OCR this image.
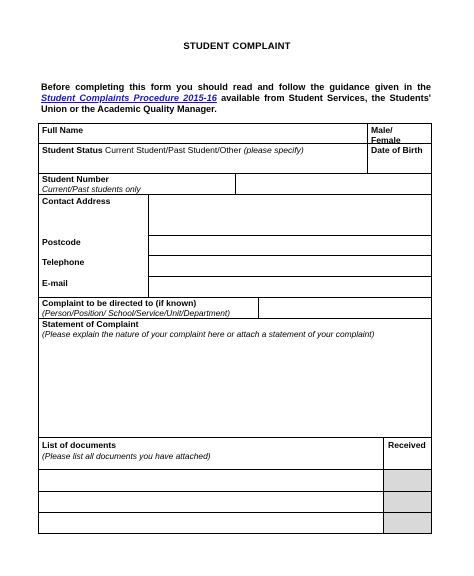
STUDENT COMPLAINT
Before completing this form you should read and follow the guidance given in the Student Complaints Procedure 2015-16 available from Student Services, the Students' Union or the Academic Quality Manager.
Full Name	Male/ Female
Student Status Current Student/Past Student/Other (please specify)	Date of Birth
Student Number
Current/Past students only
Contact Address
Postcode
Telephone
E-mail
Complaint to be directed to (if known)
(Person/Position/ School/Service/Unit/Department)
Statement of Complaint
(Please explain the nature of your complaint here or attach a statement of your complaint)
List of documents
(Please list all documents you have attached)
Received
